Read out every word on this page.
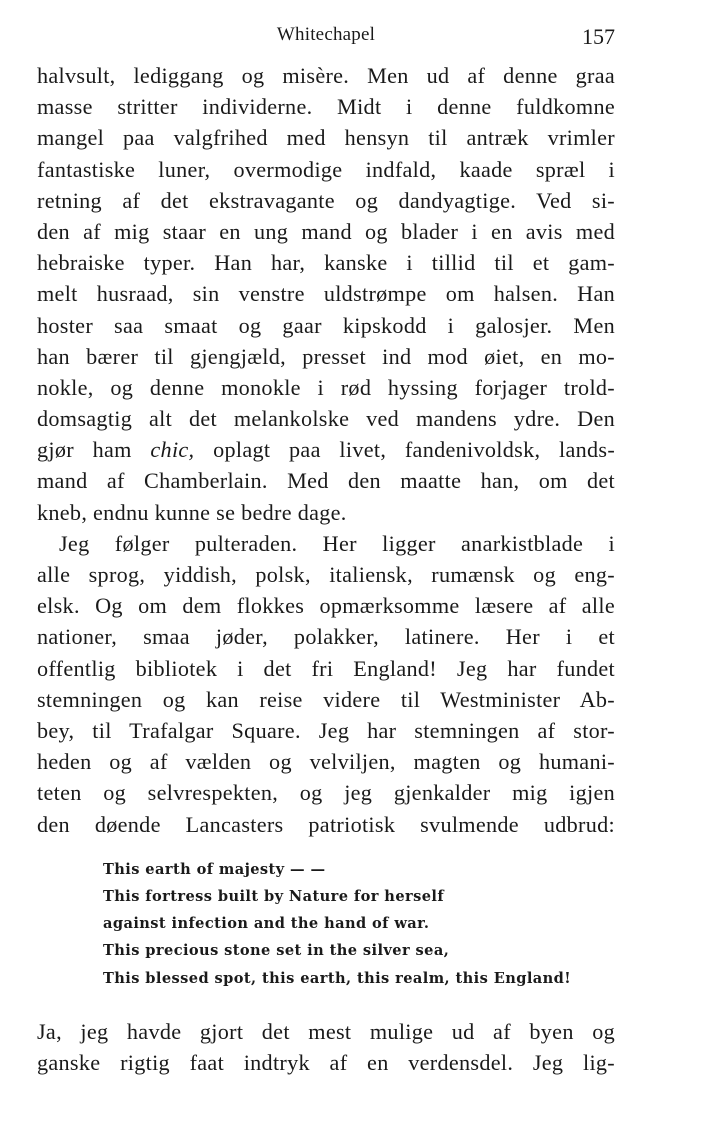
Whitechapel	157
halvsult, lediggang og misère. Men ud af denne graa
masse stritter individerne. Midt i denne fuldkomne
mangel paa valgfrihed med hensyn til antræk vrimler
fantastiske luner, overmodige indfald, kaade spræl i
retning af det ekstravagante og dandyagtige. Ved si-
den af mig staar en ung mand og blader i en avis med
hebraiske typer. Han har, kanske i tillid til et gam-
melt husraad, sin venstre uldstrømpe om halsen. Han
hoster saa smaat og gaar kipskodd i galosjer. Men
han bærer til gjengjæld, presset ind mod øiet, en mo-
nokle, og denne monokle i rød hyssing forjager trold-
domsagtig alt det melankolske ved mandens ydre. Den
gjør ham chic, oplagt paa livet, fandenivoldsk, lands-
mand af Chamberlain. Med den maatte han, om det
kneb, endnu kunne se bedre dage.
Jeg følger pulteraden. Her ligger anarkistblade i
alle sprog, yiddish, polsk, italiensk, rumænsk og eng-
elsk. Og om dem flokkes opmærksomme læsere af alle
nationer, smaa jøder, polakker, latinere. Her i et
offentlig bibliotek i det fri England! Jeg har fundet
stemningen og kan reise videre til Westminister Ab-
bey, til Trafalgar Square. Jeg har stemningen af stor-
heden og af vælden og velviljen, magten og humani-
teten og selvrespekten, og jeg gjenkalder mig igjen
den døende Lancasters patriotisk svulmende udbrud:
This earth of majesty — —
This fortress built by Nature for herself
against infection and the hand of war.
This precious stone set in the silver sea,
This blessed spot, this earth, this realm, this England!
Ja, jeg havde gjort det mest mulige ud af byen og
ganske rigtig faat indtryk af en verdensdel. Jeg lig-
